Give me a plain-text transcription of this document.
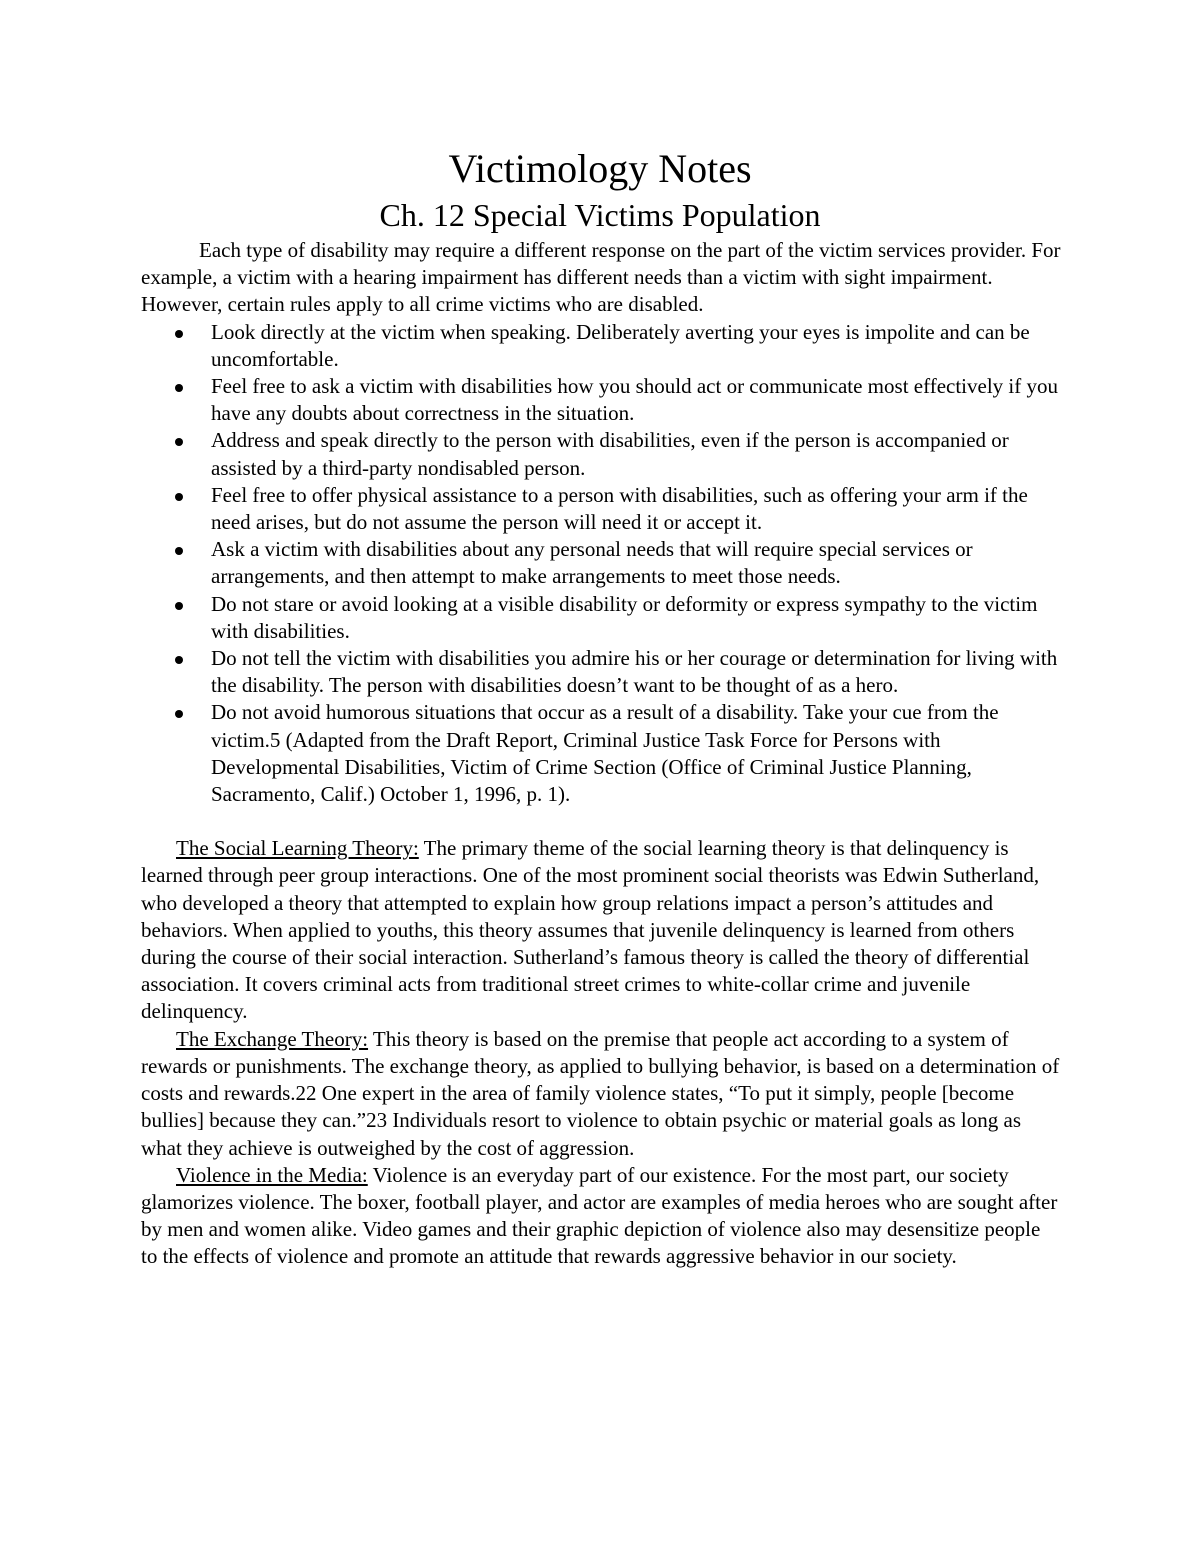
Victimology Notes
Ch. 12 Special Victims Population

Each type of disability may require a different response on the part of the victim services provider. For example, a victim with a hearing impairment has different needs than a victim with sight impairment. However, certain rules apply to all crime victims who are disabled.

Look directly at the victim when speaking. Deliberately averting your eyes is impolite and can be uncomfortable.
Feel free to ask a victim with disabilities how you should act or communicate most effectively if you have any doubts about correctness in the situation.
Address and speak directly to the person with disabilities, even if the person is accompanied or assisted by a third-party nondisabled person.
Feel free to offer physical assistance to a person with disabilities, such as offering your arm if the need arises, but do not assume the person will need it or accept it.
Ask a victim with disabilities about any personal needs that will require special services or arrangements, and then attempt to make arrangements to meet those needs.
Do not stare or avoid looking at a visible disability or deformity or express sympathy to the victim with disabilities.
Do not tell the victim with disabilities you admire his or her courage or determination for living with the disability. The person with disabilities doesn’t want to be thought of as a hero.
Do not avoid humorous situations that occur as a result of a disability. Take your cue from the victim.5 (Adapted from the Draft Report, Criminal Justice Task Force for Persons with Developmental Disabilities, Victim of Crime Section (Office of Criminal Justice Planning, Sacramento, Calif.) October 1, 1996, p. 1).

The Social Learning Theory: The primary theme of the social learning theory is that delinquency is learned through peer group interactions. One of the most prominent social theorists was Edwin Sutherland, who developed a theory that attempted to explain how group relations impact a person’s attitudes and behaviors. When applied to youths, this theory assumes that juvenile delinquency is learned from others during the course of their social interaction. Sutherland’s famous theory is called the theory of differential association. It covers criminal acts from traditional street crimes to white-collar crime and juvenile delinquency.

The Exchange Theory: This theory is based on the premise that people act according to a system of rewards or punishments. The exchange theory, as applied to bullying behavior, is based on a determination of costs and rewards.22 One expert in the area of family violence states, “To put it simply, people [become bullies] because they can.”23 Individuals resort to violence to obtain psychic or material goals as long as what they achieve is outweighed by the cost of aggression.

Violence in the Media: Violence is an everyday part of our existence. For the most part, our society glamorizes violence. The boxer, football player, and actor are examples of media heroes who are sought after by men and women alike. Video games and their graphic depiction of violence also may desensitize people to the effects of violence and promote an attitude that rewards aggressive behavior in our society.
